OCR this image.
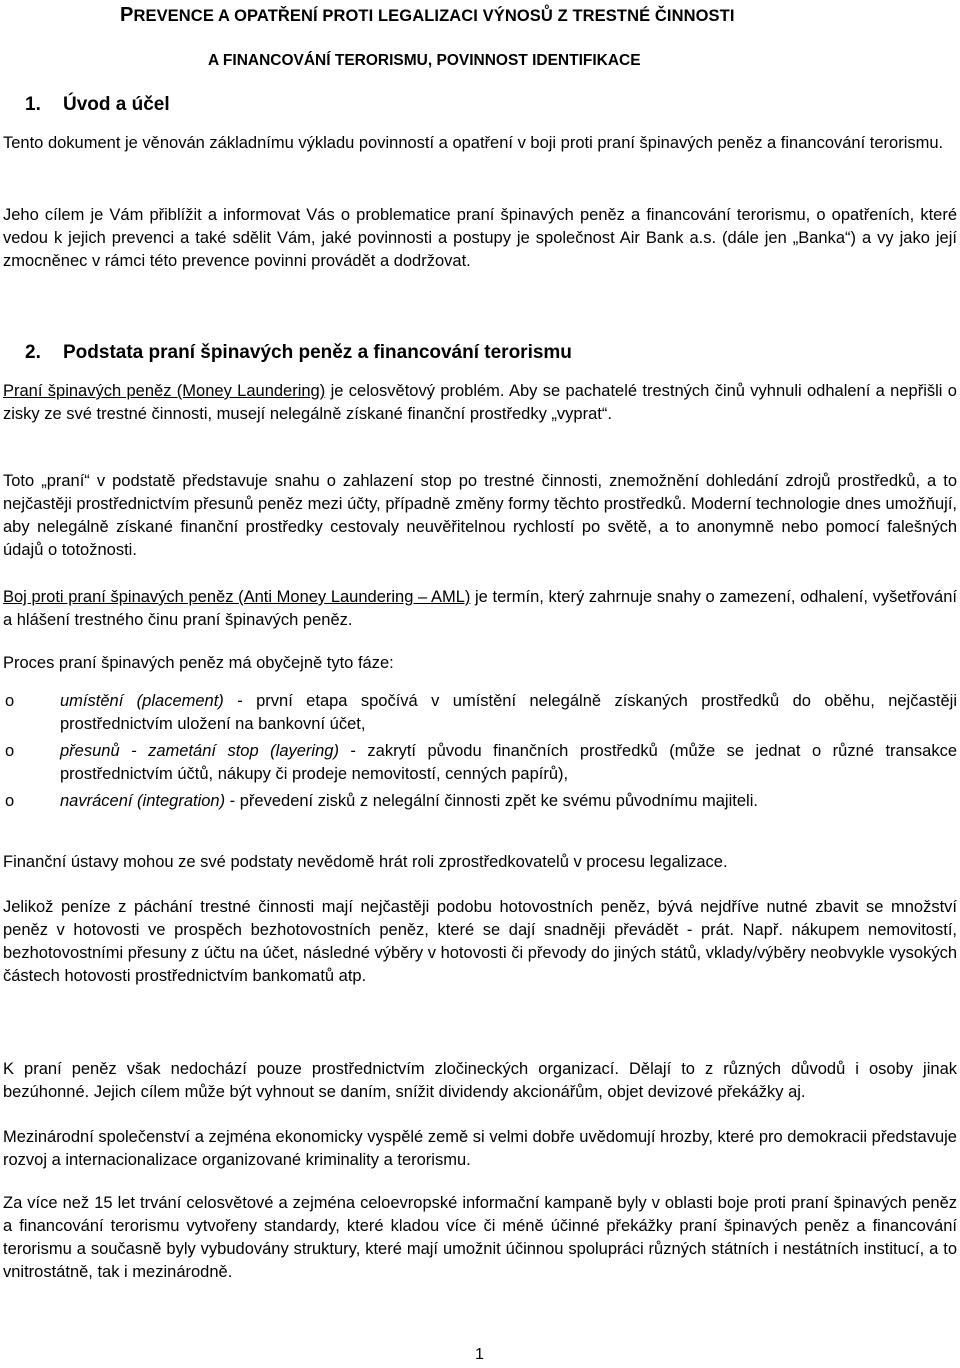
PREVENCE A OPATŘENÍ PROTI LEGALIZACI VÝNOSŮ Z TRESTNÉ ČINNOSTI
A FINANCOVÁNÍ TERORISMU, POVINNOST IDENTIFIKACE
1. Úvod a účel

Tento dokument je věnován základnímu výkladu povinností a opatření v boji proti praní špinavých peněz a financování terorismu.

Jeho cílem je Vám přiblížit a informovat Vás o problematice praní špinavých peněz a financování terorismu, o opatřeních, které vedou k jejich prevenci a také sdělit Vám, jaké povinnosti a postupy je společnost Air Bank a.s. (dále jen „Banka“) a vy jako její zmocněnec v rámci této prevence povinni provádět a dodržovat.

2. Podstata praní špinavých peněz a financování terorismu

Praní špinavých peněz (Money Laundering) je celosvětový problém. Aby se pachatelé trestných činů vyhnuli odhalení a nepřišli o zisky ze své trestné činnosti, musejí nelegálně získané finanční prostředky „vyprat“.

Toto „praní“ v podstatě představuje snahu o zahlazení stop po trestné činnosti, znemožnění dohledání zdrojů prostředků, a to nejčastěji prostřednictvím přesunů peněz mezi účty, případně změny formy těchto prostředků. Moderní technologie dnes umožňují, aby nelegálně získané finanční prostředky cestovaly neuvěřitelnou rychlostí po světě, a to anonymně nebo pomocí falešných údajů o totožnosti.

Boj proti praní špinavých peněz (Anti Money Laundering – AML) je termín, který zahrnuje snahy o zamezení, odhalení, vyšetřování a hlášení trestného činu praní špinavých peněz.

Proces praní špinavých peněz má obyčejně tyto fáze:

o	umístění (placement) - první etapa spočívá v umístění nelegálně získaných prostředků do oběhu, nejčastěji prostřednictvím uložení na bankovní účet,
o	přesunů - zametání stop (layering) - zakrytí původu finančních prostředků (může se jednat o různé transakce prostřednictvím účtů, nákupy či prodeje nemovitostí, cenných papírů),
o	navrácení (integration) - převedení zisků z nelegální činnosti zpět ke svému původnímu majiteli.

Finanční ústavy mohou ze své podstaty nevědomě hrát roli zprostředkovatelů v procesu legalizace.

Jelikož peníze z páchání trestné činnosti mají nejčastěji podobu hotovostních peněz, bývá nejdříve nutné zbavit se množství peněz v hotovosti ve prospěch bezhotovostních peněz, které se dají snadněji převádět - prát. Např. nákupem nemovitostí, bezhotovostními přesuny z účtu na účet, následné výběry v hotovosti či převody do jiných států, vklady/výběry neobvykle vysokých částech hotovosti prostřednictvím bankomatů atp.

K praní peněz však nedochází pouze prostřednictvím zločineckých organizací. Dělají to z různých důvodů i osoby jinak bezúhonné. Jejich cílem může být vyhnout se daním, snížit dividendy akcionářům, objet devizové překážky aj.

Mezinárodní společenství a zejména ekonomicky vyspělé země si velmi dobře uvědomují hrozby, které pro demokracii představuje rozvoj a internacionalizace organizované kriminality a terorismu.

Za více než 15 let trvání celosvětové a zejména celoevropské informační kampaně byly v oblasti boje proti praní špinavých peněz a financování terorismu vytvořeny standardy, které kladou více či méně účinné překážky praní špinavých peněz a financování terorismu a současně byly vybudovány struktury, které mají umožnit účinnou spolupráci různých státních i nestátních institucí, a to vnitrostátně, tak i mezinárodně.

1
